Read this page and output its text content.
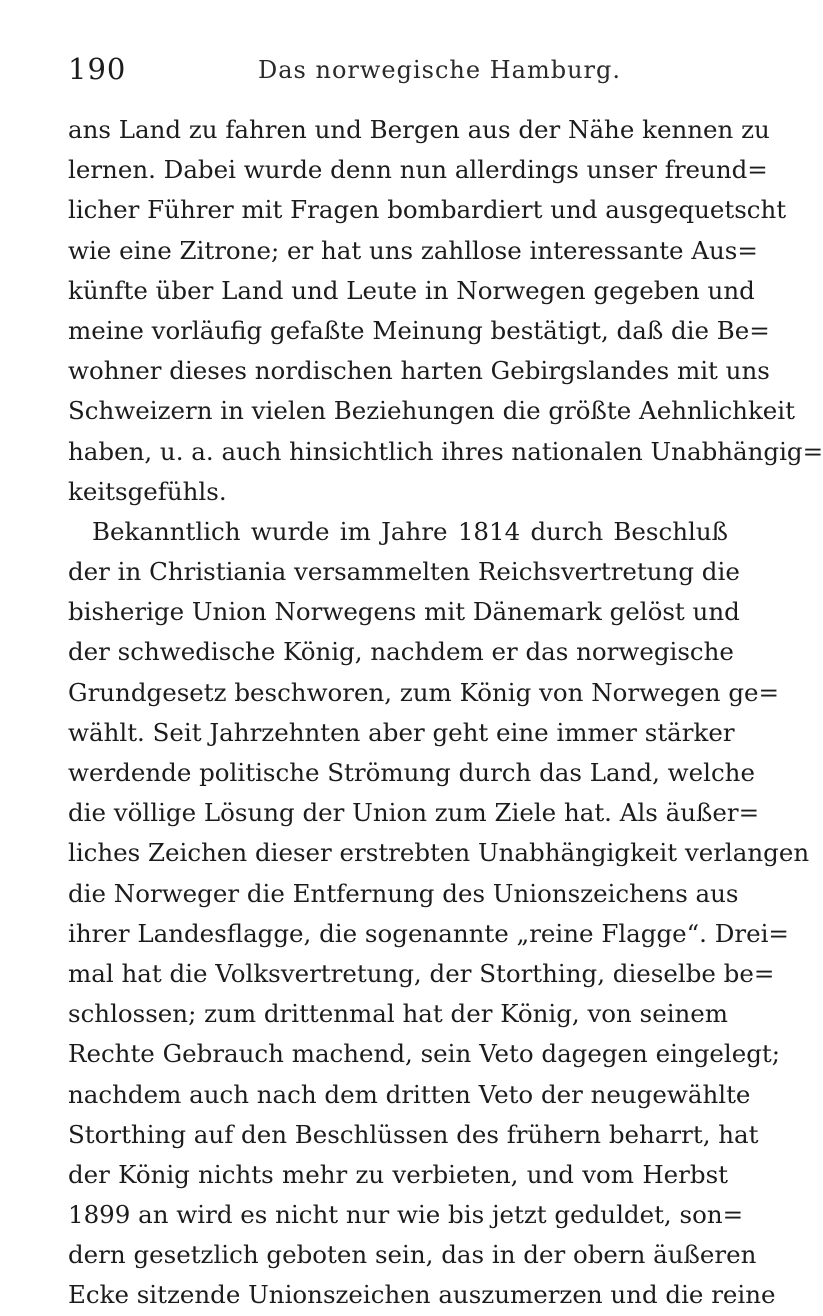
190	Das norwegische Hamburg.
ans Land zu fahren und Bergen aus der Nähe kennen zu
lernen. Dabei wurde denn nun allerdings unser freund=
licher Führer mit Fragen bombardiert und ausgequetscht
wie eine Zitrone; er hat uns zahllose interessante Aus=
künfte über Land und Leute in Norwegen gegeben und
meine vorläufig gefaßte Meinung bestätigt, daß die Be=
wohner dieses nordischen harten Gebirgslandes mit uns
Schweizern in vielen Beziehungen die größte Aehnlichkeit
haben, u. a. auch hinsichtlich ihres nationalen Unabhängig=
keitsgefühls.
Bekanntlich wurde im Jahre 1814 durch Beschluß
der in Christiania versammelten Reichsvertretung die
bisherige Union Norwegens mit Dänemark gelöst und
der schwedische König, nachdem er das norwegische
Grundgesetz beschworen, zum König von Norwegen ge=
wählt. Seit Jahrzehnten aber geht eine immer stärker
werdende politische Strömung durch das Land, welche
die völlige Lösung der Union zum Ziele hat. Als äußer=
liches Zeichen dieser erstrebten Unabhängigkeit verlangen
die Norweger die Entfernung des Unionszeichens aus
ihrer Landesflagge, die sogenannte „reine Flagge“. Drei=
mal hat die Volksvertretung, der Storthing, dieselbe be=
schlossen; zum drittenmal hat der König, von seinem
Rechte Gebrauch machend, sein Veto dagegen eingelegt;
nachdem auch nach dem dritten Veto der neugewählte
Storthing auf den Beschlüssen des frühern beharrt, hat
der König nichts mehr zu verbieten, und vom Herbst
1899 an wird es nicht nur wie bis jetzt geduldet, son=
dern gesetzlich geboten sein, das in der obern äußeren
Ecke sitzende Unionszeichen auszumerzen und die reine
